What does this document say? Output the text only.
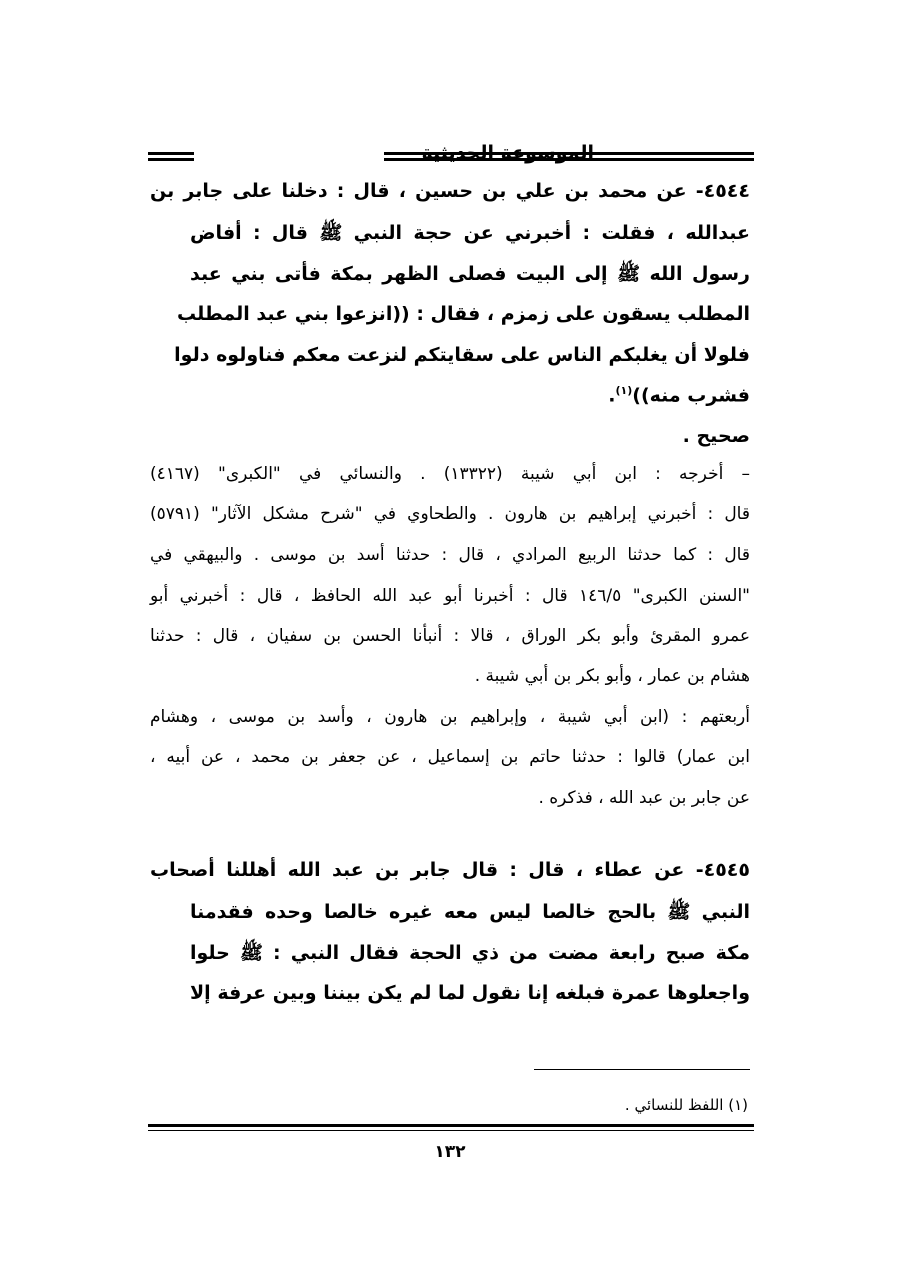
الموسوعة الحديثية
٤٥٤٤- عن محمد بن علي بن حسين ، قال : دخلنا على جابر بن
عبدالله ، فقلت : أخبرني عن حجة النبي ﷺ قال : أفاض
رسول الله ﷺ إلى البيت فصلى الظهر بمكة فأتى بني عبد
المطلب يسقون على زمزم ، فقال : ((انزعوا بني عبد المطلب
فلولا أن يغلبكم الناس على سقايتكم لنزعت معكم فناولوه دلوا
فشرب منه))$^{(١)}$.
صحيح .
– أخرجه : ابن أبي شيبة (١٣٣٢٢) . والنسائي في "الكبرى" (٤١٦٧)
قال : أخبرني إبراهيم بن هارون . والطحاوي في "شرح مشكل الآثار" (٥٧٩١)
قال : كما حدثنا الربيع المرادي ، قال : حدثنا أسد بن موسى . والبيهقي في
"السنن الكبرى" ١٤٦/٥ قال : أخبرنا أبو عبد الله الحافظ ، قال : أخبرني أبو
عمرو المقرئ وأبو بكر الوراق ، قالا : أنبأنا الحسن بن سفيان ، قال : حدثنا
هشام بن عمار ، وأبو بكر بن أبي شيبة .
أربعتهم : (ابن أبي شيبة ، وإبراهيم بن هارون ، وأسد بن موسى ، وهشام
ابن عمار) قالوا : حدثنا حاتم بن إسماعيل ، عن جعفر بن محمد ، عن أبيه ،
عن جابر بن عبد الله ، فذكره .
٤٥٤٥- عن عطاء ، قال : قال جابر بن عبد الله أهللنا أصحاب
النبي ﷺ بالحج خالصا ليس معه غيره خالصا وحده فقدمنا
مكة صبح رابعة مضت من ذي الحجة فقال النبي : ﷺ حلوا
واجعلوها عمرة فبلغه إنا نقول لما لم يكن بيننا وبين عرفة إلا
(١) اللفظ للنسائي .
١٣٢
